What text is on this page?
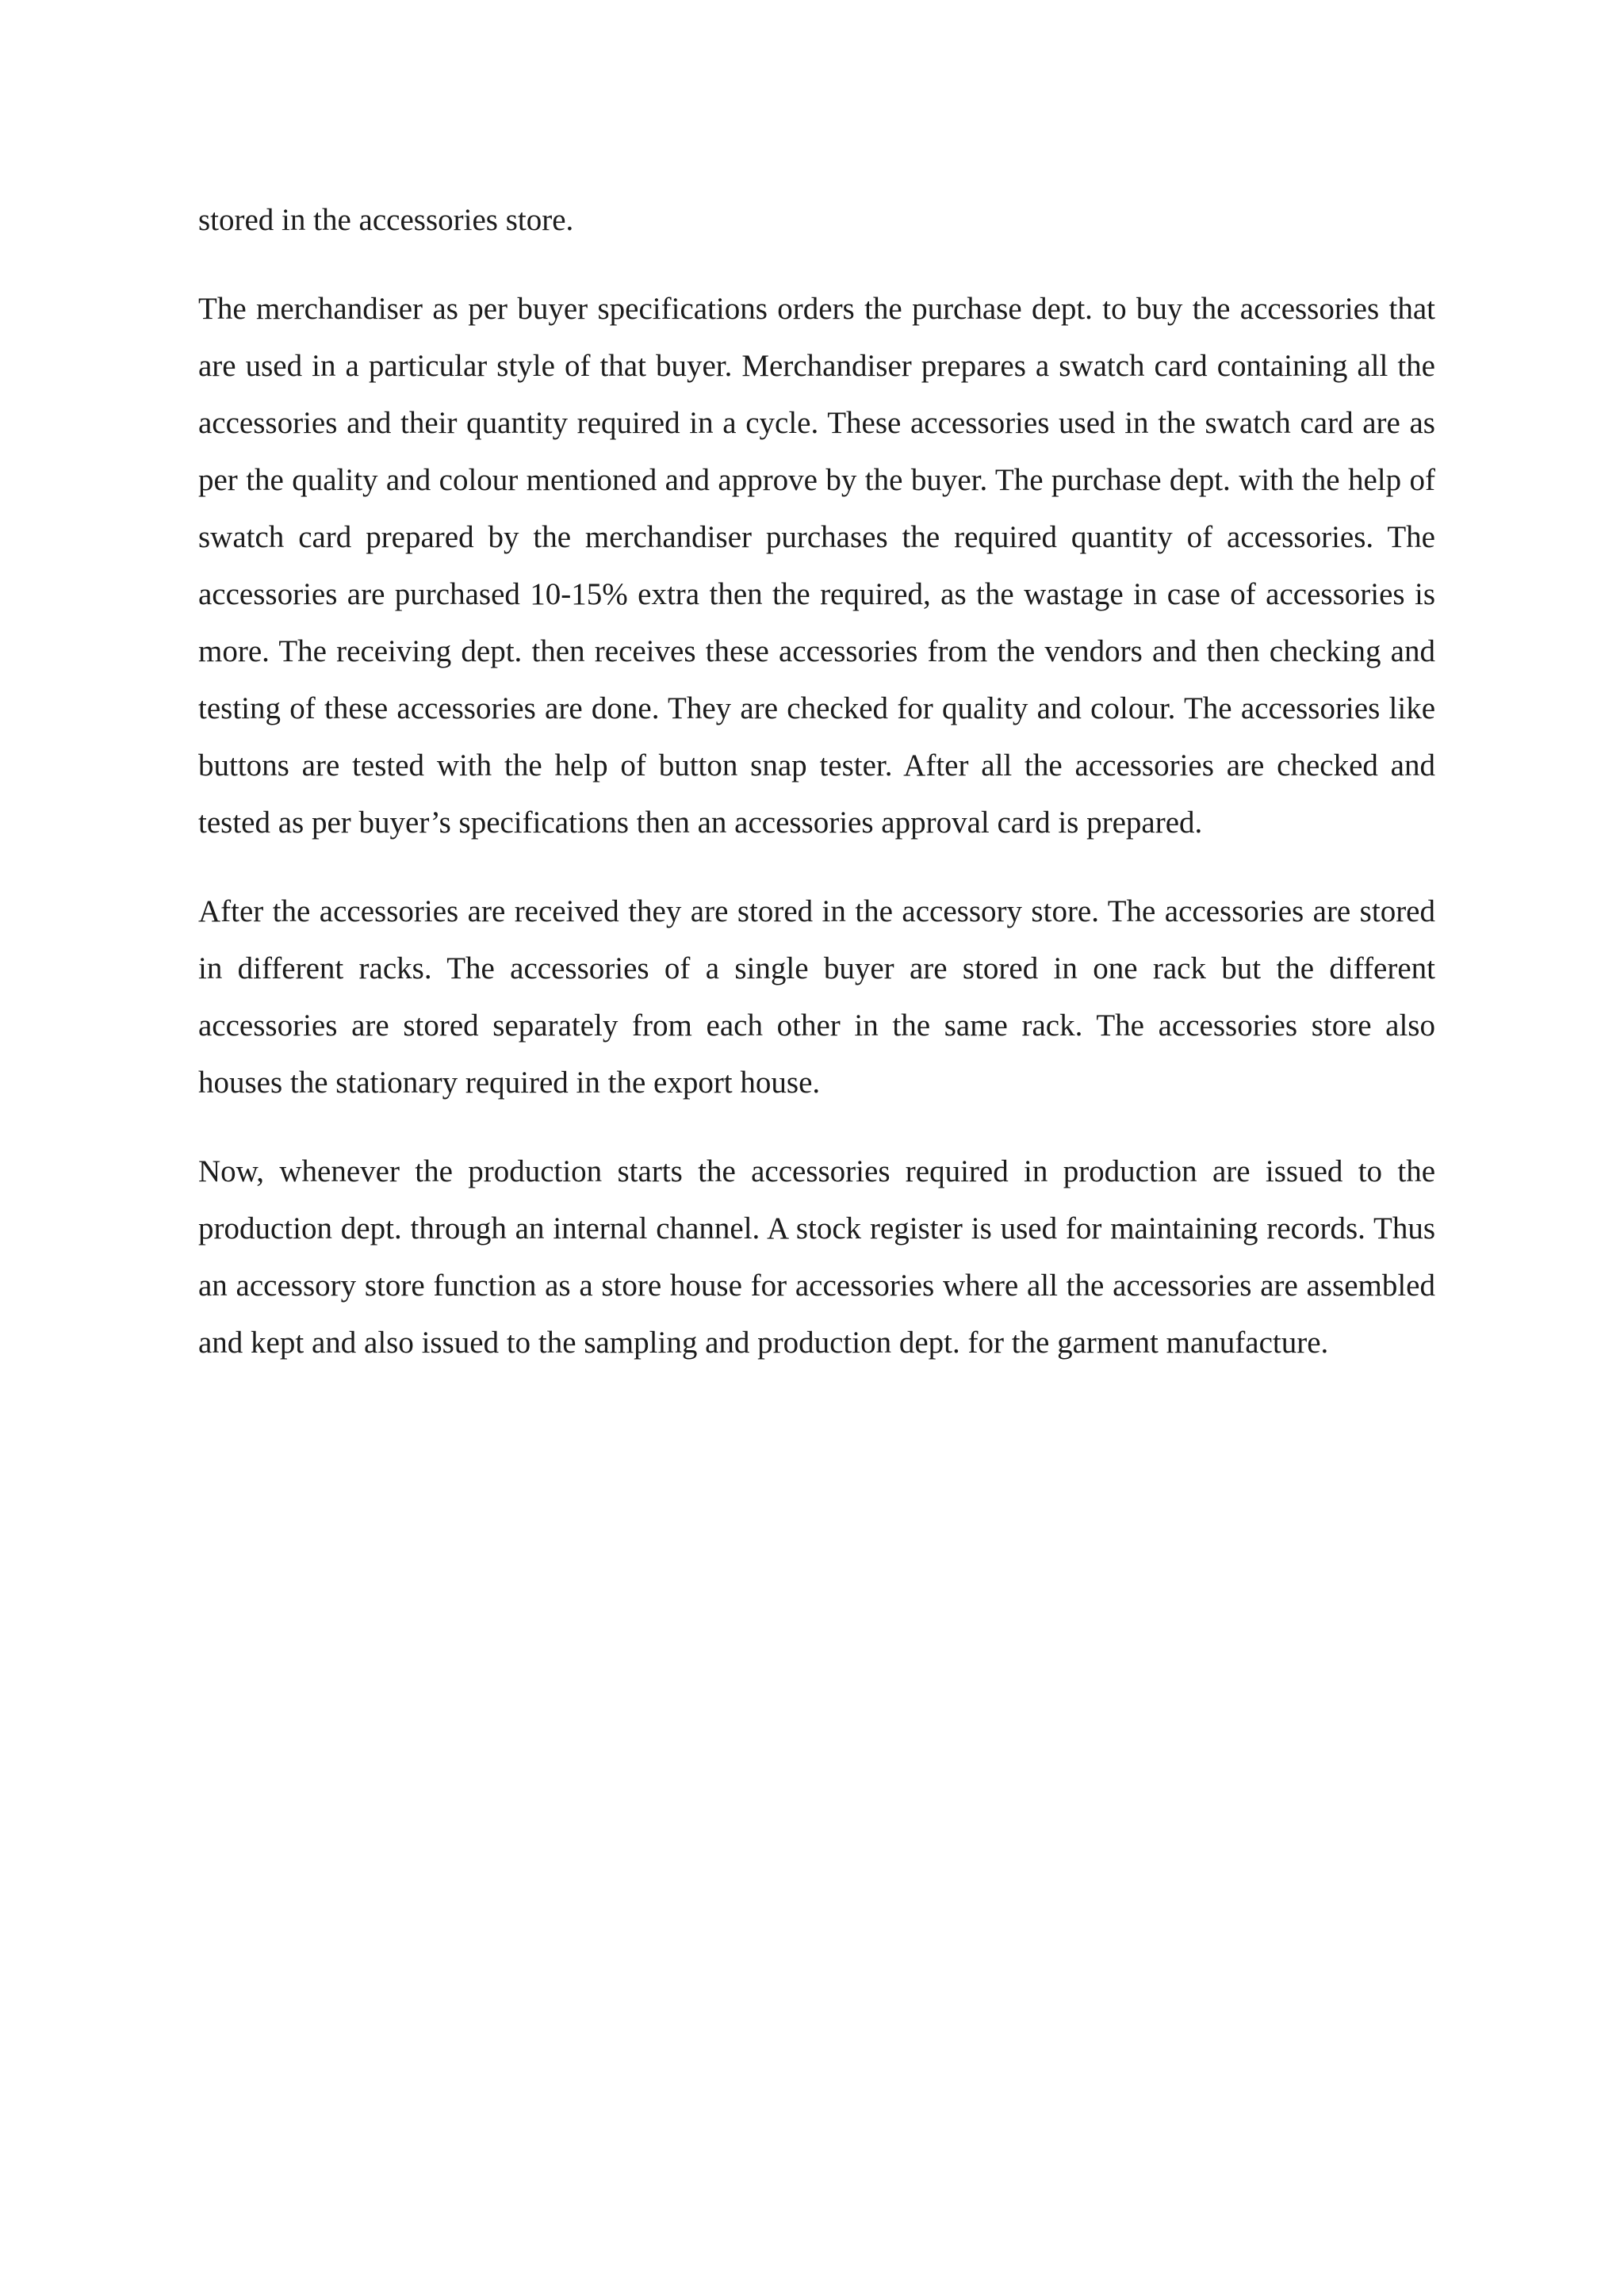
stored in the accessories store.

The merchandiser as per buyer specifications orders the purchase dept. to buy the accessories that are used in a particular style of that buyer. Merchandiser prepares a swatch card containing all the accessories and their quantity required in a cycle. These accessories used in the swatch card are as per the quality and colour mentioned and approve by the buyer. The purchase dept. with the help of swatch card prepared by the merchandiser purchases the required quantity of accessories. The accessories are purchased 10-15% extra then the required, as the wastage in case of accessories is more. The receiving dept. then receives these accessories from the vendors and then checking and testing of these accessories are done. They are checked for quality and colour. The accessories like buttons are tested with the help of button snap tester. After all the accessories are checked and tested as per buyer’s specifications then an accessories approval card is prepared.

After the accessories are received they are stored in the accessory store. The accessories are stored in different racks. The accessories of a single buyer are stored in one rack but the different accessories are stored separately from each other in the same rack. The accessories store also houses the stationary required in the export house.

Now, whenever the production starts the accessories required in production are issued to the production dept. through an internal channel. A stock register is used for maintaining records. Thus an accessory store function as a store house for accessories where all the accessories are assembled and kept and also issued to the sampling and production dept. for the garment manufacture.
